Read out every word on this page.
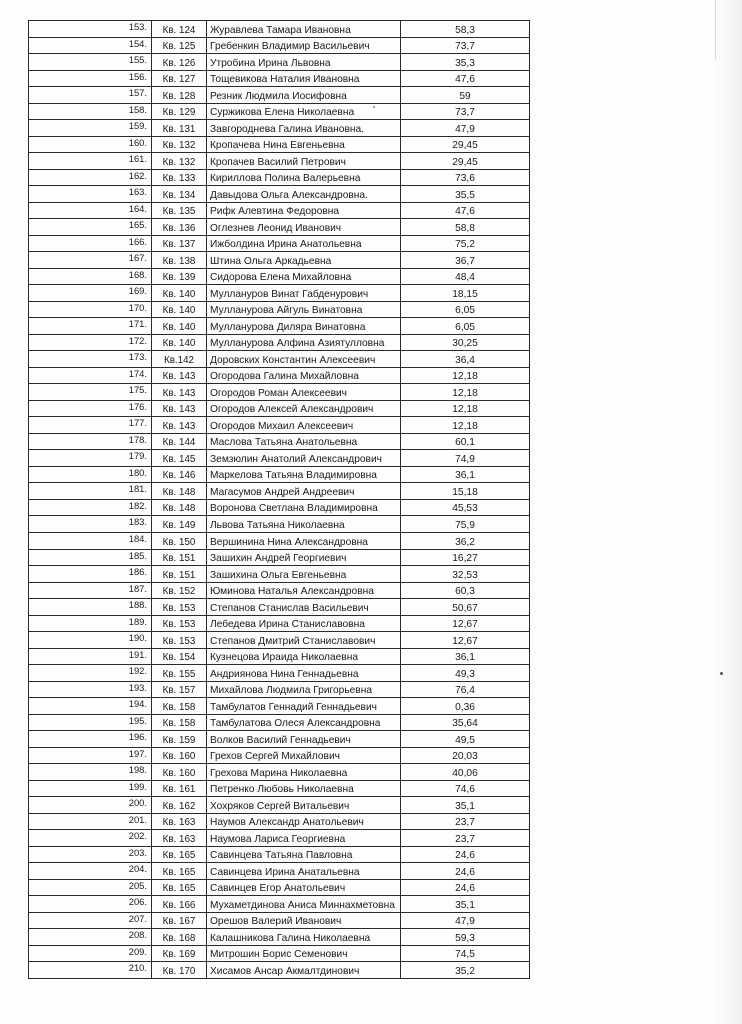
153.	Кв. 124	Журавлева Тамара Ивановна	58,3
154.	Кв. 125	Гребенкин Владимир Васильевич	73,7
155.	Кв. 126	Утробина Ирина Львовна	35,3
156.	Кв. 127	Тощевикова Наталия Ивановна	47,6
157.	Кв. 128	Резник Людмила Иосифовна	59
158.	Кв. 129	Суржикова Елена Николаевна	73,7
159.	Кв. 131	Завгороднева Галина Ивановна.	47,9
160.	Кв. 132	Кропачева Нина Евгеньевна	29,45
161.	Кв. 132	Кропачев Василий Петрович	29,45
162.	Кв. 133	Кириллова Полина Валерьевна	73,6
163.	Кв. 134	Давыдова Ольга Александровна.	35,5
164.	Кв. 135	Рифк Алевтина Федоровна	47,6
165.	Кв. 136	Оглезнев Леонид Иванович	58,8
166.	Кв. 137	Ижболдина Ирина Анатольевна	75,2
167.	Кв. 138	Штина Ольга Аркадьевна	36,7
168.	Кв. 139	Сидорова Елена Михайловна	48,4
169.	Кв. 140	Муллануров Винат Габденурович	18,15
170.	Кв. 140	Мулланурова Айгуль Винатовна	6,05
171.	Кв. 140	Мулланурова Диляра Винатовна	6,05
172.	Кв. 140	Мулланурова Алфина Азиятулловна	30,25
173.	Кв.142	Доровских Константин Алексеевич	36,4
174.	Кв. 143	Огородова Галина Михайловна	12,18
175.	Кв. 143	Огородов Роман Алексеевич	12,18
176.	Кв. 143	Огородов Алексей Александрович	12,18
177.	Кв. 143	Огородов Михаил Алексеевич	12,18
178.	Кв. 144	Маслова Татьяна Анатольевна	60,1
179.	Кв. 145	Земзюлин Анатолий Александрович	74,9
180.	Кв. 146	Маркелова Татьяна Владимировна	36,1
181.	Кв. 148	Магасумов Андрей Андреевич	15,18
182.	Кв. 148	Воронова Светлана Владимировна	45,53
183.	Кв. 149	Львова Татьяна Николаевна	75,9
184.	Кв. 150	Вершинина Нина Александровна	36,2
185.	Кв. 151	Зашихин Андрей Георгиевич	16,27
186.	Кв. 151	Зашихина Ольга Евгеньевна	32,53
187.	Кв. 152	Юминова Наталья Александровна	60,3
188.	Кв. 153	Степанов Станислав Васильевич	50,67
189.	Кв. 153	Лебедева Ирина Станиславовна	12,67
190.	Кв. 153	Степанов Дмитрий Станиславович	12,67
191.	Кв. 154	Кузнецова Ираида Николаевна	36,1
192.	Кв. 155	Андриянова Нина Геннадьевна	49,3
193.	Кв. 157	Михайлова Людмила Григорьевна	76,4
194.	Кв. 158	Тамбулатов Геннадий Геннадьевич	0,36
195.	Кв. 158	Тамбулатова Олеся Александровна	35,64
196.	Кв. 159	Волков Василий Геннадьевич	49,5
197.	Кв. 160	Грехов Сергей Михайлович	20,03
198.	Кв. 160	Грехова Марина Николаевна	40,06
199.	Кв. 161	Петренко Любовь Николаевна	74,6
200.	Кв. 162	Хохряков Сергей Витальевич	35,1
201.	Кв. 163	Наумов Александр Анатольевич	23,7
202.	Кв. 163	Наумова Лариса Георгиевна	23,7
203.	Кв. 165	Савинцева Татьяна Павловна	24,6
204.	Кв. 165	Савинцева Ирина Анатальевна	24,6
205.	Кв. 165	Савинцев Егор Анатольевич	24,6
206.	Кв. 166	Мухаметдинова Аниса Миннахметовна	35,1
207.	Кв. 167	Орешов Валерий Иванович	47,9
208.	Кв. 168	Калашникова Галина Николаевна	59,3
209.	Кв. 169	Митрошин Борис Семенович	74,5
210.	Кв. 170	Хисамов Ансар Акмалтдинович	35,2
